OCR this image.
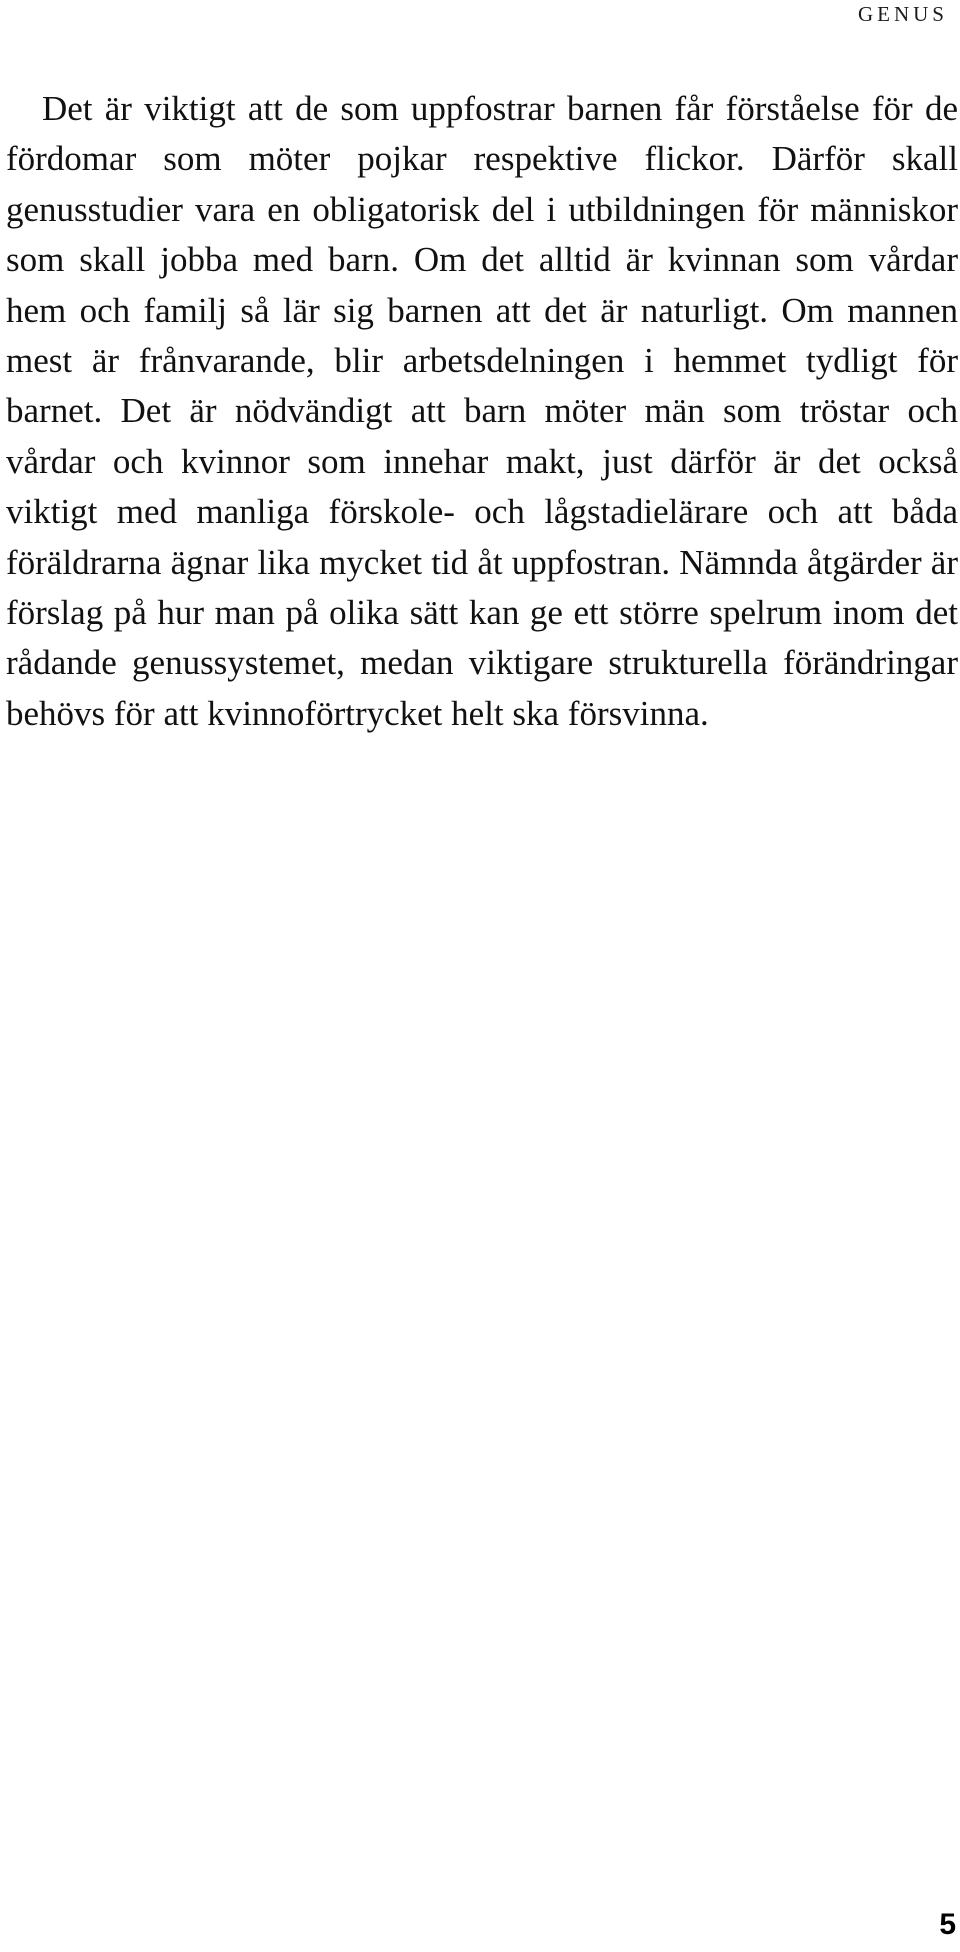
GENUS

Det är viktigt att de som uppfostrar barnen får förståelse för de fördomar som möter pojkar respektive flickor. Därför skall genusstudier vara en obligatorisk del i utbildningen för människor som skall jobba med barn. Om det alltid är kvinnan som vårdar hem och familj så lär sig barnen att det är naturligt. Om mannen mest är frånvarande, blir arbetsdelningen i hemmet tydligt för barnet. Det är nödvändigt att barn möter män som tröstar och vårdar och kvinnor som innehar makt, just därför är det också viktigt med manliga förskole- och lågstadielärare och att båda föräldrarna ägnar lika mycket tid åt uppfostran. Nämnda åtgärder är förslag på hur man på olika sätt kan ge ett större spelrum inom det rådande genussystemet, medan viktigare strukturella förändringar behövs för att kvinnoförtrycket helt ska försvinna.

5
